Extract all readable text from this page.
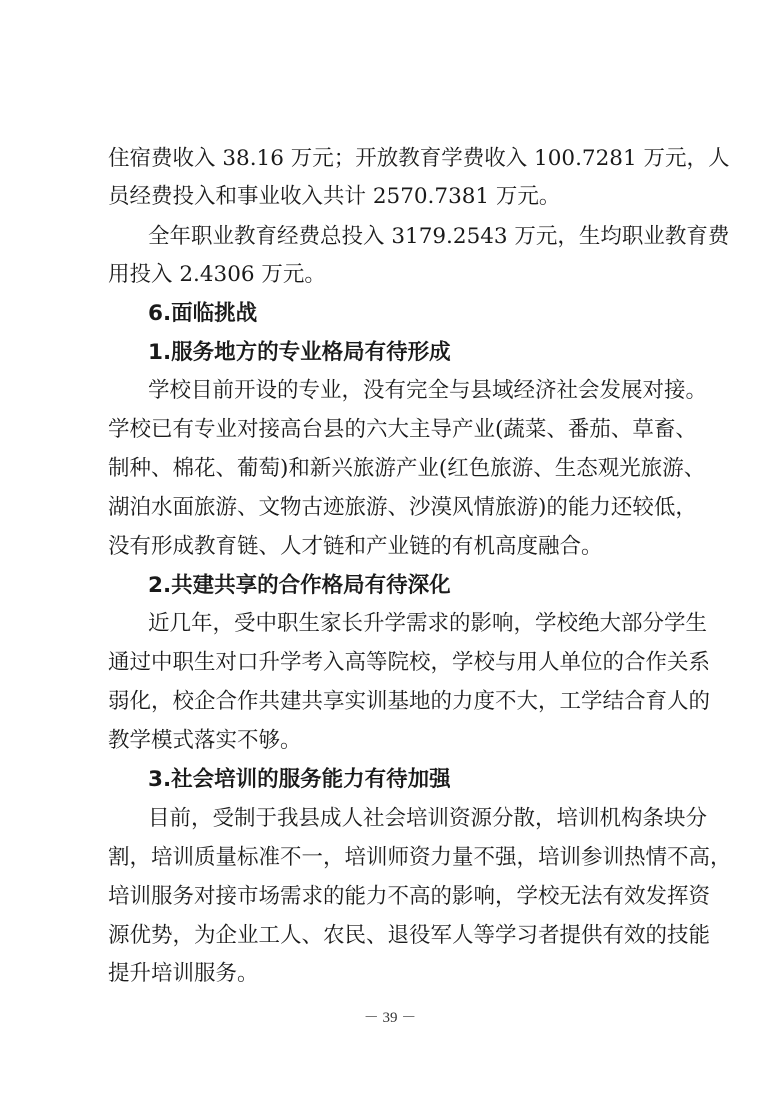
住宿费收入 38.16 万元；开放教育学费收入 100.7281 万元，人
员经费投入和事业收入共计 2570.7381 万元。
全年职业教育经费总投入 3179.2543 万元，生均职业教育费
用投入 2.4306 万元。
6.面临挑战
1.服务地方的专业格局有待形成
学校目前开设的专业，没有完全与县域经济社会发展对接。
学校已有专业对接高台县的六大主导产业(蔬菜、番茄、草畜、
制种、棉花、葡萄)和新兴旅游产业(红色旅游、生态观光旅游、
湖泊水面旅游、文物古迹旅游、沙漠风情旅游)的能力还较低，
没有形成教育链、人才链和产业链的有机高度融合。
2.共建共享的合作格局有待深化
近几年，受中职生家长升学需求的影响，学校绝大部分学生
通过中职生对口升学考入高等院校，学校与用人单位的合作关系
弱化，校企合作共建共享实训基地的力度不大，工学结合育人的
教学模式落实不够。
3.社会培训的服务能力有待加强
目前，受制于我县成人社会培训资源分散，培训机构条块分
割，培训质量标准不一，培训师资力量不强，培训参训热情不高，
培训服务对接市场需求的能力不高的影响，学校无法有效发挥资
源优势，为企业工人、农民、退役军人等学习者提供有效的技能
提升培训服务。
－ 39 －
